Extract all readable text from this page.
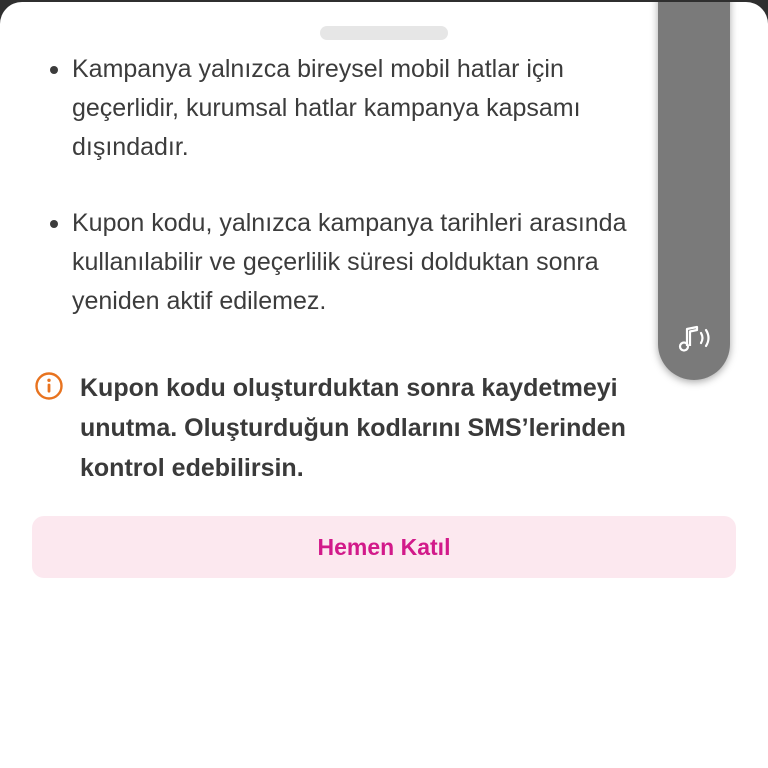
Kampanya yalnızca bireysel mobil hatlar için
geçerlidir, kurumsal hatlar kampanya kapsamı
dışındadır.
Kupon kodu, yalnızca kampanya tarihleri arasında
kullanılabilir ve geçerlilik süresi dolduktan sonra
yeniden aktif edilemez.
Kupon kodu oluşturduktan sonra kaydetmeyi
unutma. Oluşturduğun kodlarını SMS’lerinden
kontrol edebilirsin.
Hemen Katıl
